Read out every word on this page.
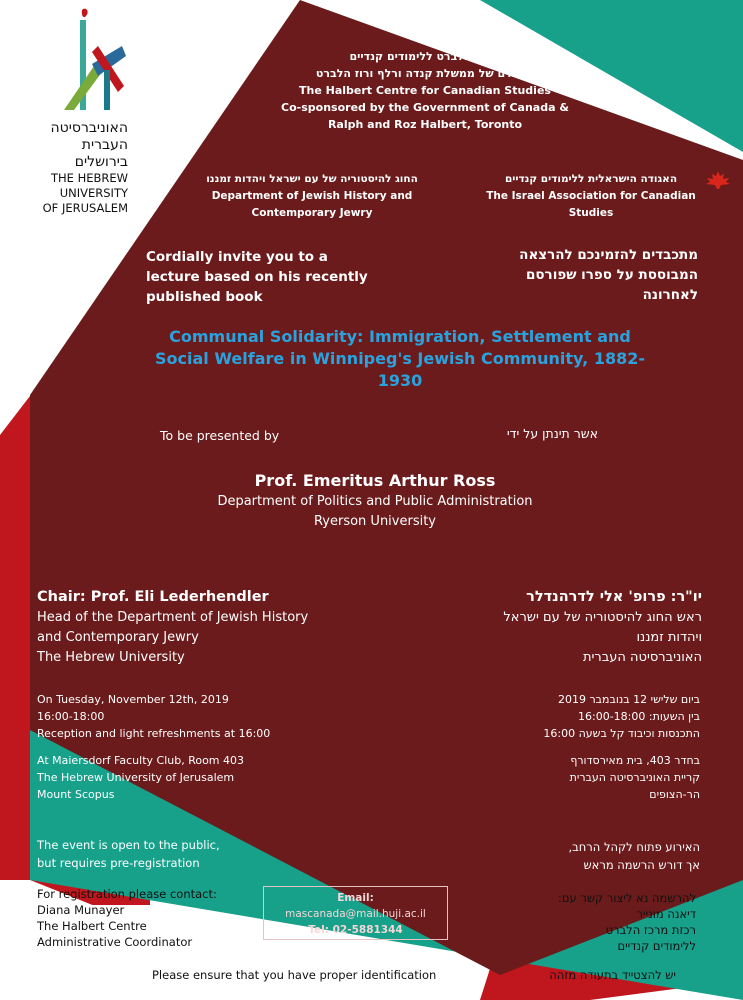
האוניברסיטה
העברית
בירושלים
THE HEBREW
UNIVERSITY
OF JERUSALEM
מרכז הלברט ללימודים קנדיים
מיסודם של ממשלת קנדה ורלף ורוז הלברט
The Halbert Centre for Canadian Studies
Co-sponsored by the Government of Canada &
Ralph and Roz Halbert, Toronto
החוג להיסטוריה של עם ישראל ויהדות זמננו
Department of Jewish History and
Contemporary Jewry
האגודה הישראלית ללימודים קנדיים
The Israel Association for Canadian
Studies
Cordially invite you to a
lecture based on his recently
published book
מתכבדים להזמינכם להרצאה
המבוססת על ספרו שפורסם
לאחרונה
Communal Solidarity: Immigration, Settlement and
Social Welfare in Winnipeg's Jewish Community, 1882-
1930
To be presented by	אשר תינתן על ידי
Prof. Emeritus Arthur Ross
Department of Politics and Public Administration
Ryerson University
Chair: Prof. Eli Lederhendler
Head of the Department of Jewish History
and Contemporary Jewry
The Hebrew University
יו"ר: פרופ' אלי לדרהנדלר
ראש החוג להיסטוריה של עם ישראל
ויהדות זמננו
האוניברסיטה העברית
On Tuesday, November 12th, 2019
16:00-18:00
Reception and light refreshments at 16:00
At Maiersdorf Faculty Club, Room 403
The Hebrew University of Jerusalem
Mount Scopus
ביום שלישי 12 בנובמבר 2019
בין השעות: 16:00-18:00
התכנסות וכיבוד קל בשעה 16:00
בחדר 403, בית מאירסדורף
קריית האוניברסיטה העברית
הר-הצופים
The event is open to the public,
but requires pre-registration
האירוע פתוח לקהל הרחב,
אך דורש הרשמה מראש
For registration please contact:
Diana Munayer
The Halbert Centre
Administrative Coordinator
Email:
mascanada@mail.huji.ac.il
Tel: 02-5881344
להרשמה נא ליצור קשר עם:
דיאנה מונייר
רכזת מרכז הלברט
ללימודים קנדיים
Please ensure that you have proper identification	יש להצטייד בתעודה מזהה
